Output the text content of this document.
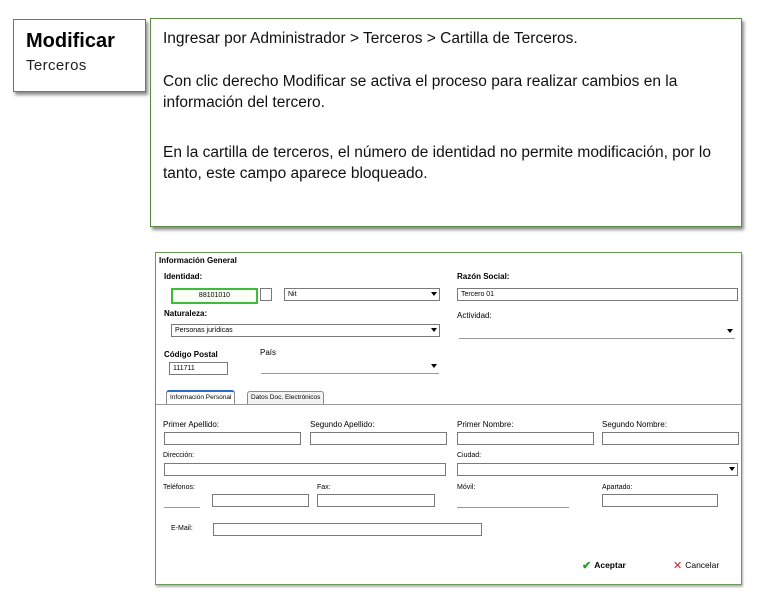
Modificar
Terceros

Ingresar por Administrador > Terceros > Cartilla de Terceros.

Con clic derecho Modificar se activa el proceso para realizar cambios en la información del tercero.

En la cartilla de terceros, el número de identidad no permite modificación, por lo tanto, este campo aparece bloqueado.

Información General
Identidad:
88101010	Nit
Razón Social:
Tercero 01
Naturaleza:
Personas jurídicas
Actividad:
Código Postal
111711
País
Información Personal	Datos Doc. Electrónicos
Primer Apellido:	Segundo Apellido:	Primer Nombre:	Segundo Nombre:
Dirección:	Ciudad:
Teléfonos:	Fax:	Móvil:	Apartado:
E-Mail:
✔ Aceptar	✕ Cancelar
